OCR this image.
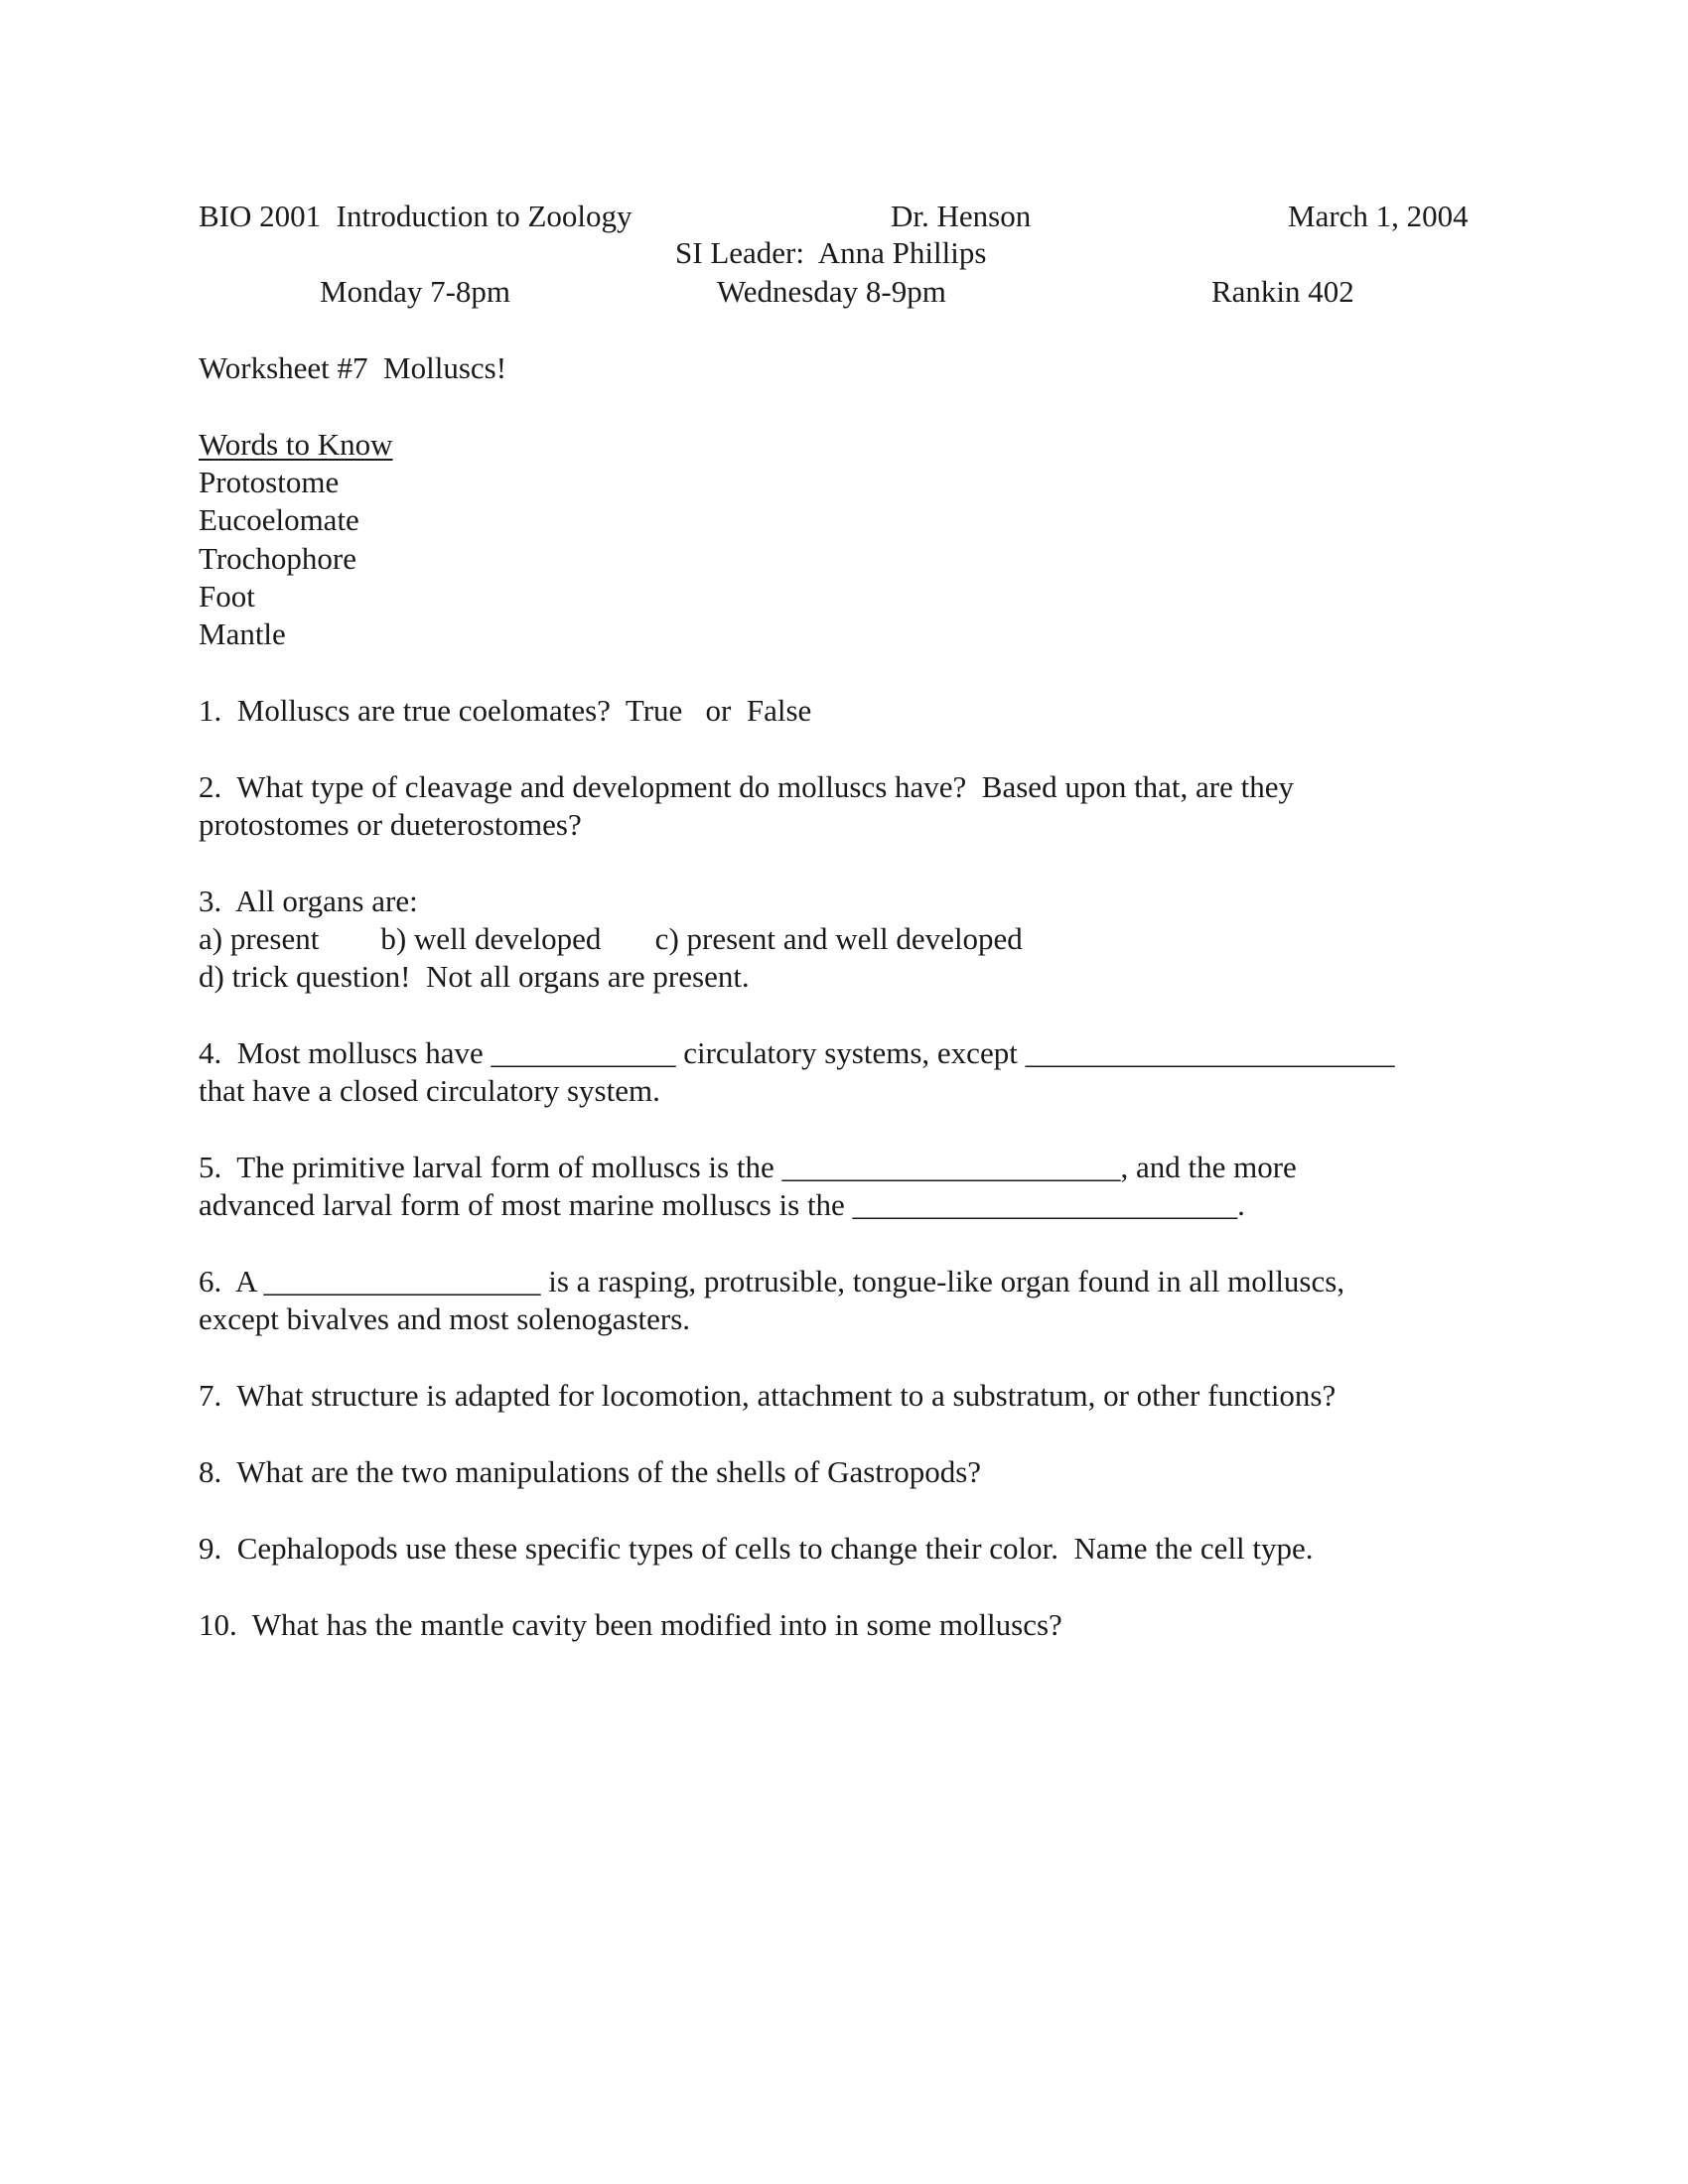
BIO 2001  Introduction to Zoology	Dr. Henson	March 1, 2004
SI Leader:  Anna Phillips
Monday 7-8pm	Wednesday 8-9pm	Rankin 402
Worksheet #7  Molluscs!
Words to Know
Protostome
Eucoelomate
Trochophore
Foot
Mantle
1.  Molluscs are true coelomates?  True   or  False
2.  What type of cleavage and development do molluscs have?  Based upon that, are they
protostomes or dueterostomes?
3.  All organs are:
a) present        b) well developed       c) present and well developed
d) trick question!  Not all organs are present.
4.  Most molluscs have ____________ circulatory systems, except ________________________
that have a closed circulatory system.
5.  The primitive larval form of molluscs is the ______________________, and the more
advanced larval form of most marine molluscs is the _________________________.
6.  A __________________ is a rasping, protrusible, tongue-like organ found in all molluscs,
except bivalves and most solenogasters.
7.  What structure is adapted for locomotion, attachment to a substratum, or other functions?
8.  What are the two manipulations of the shells of Gastropods?
9.  Cephalopods use these specific types of cells to change their color.  Name the cell type.
10.  What has the mantle cavity been modified into in some molluscs?
